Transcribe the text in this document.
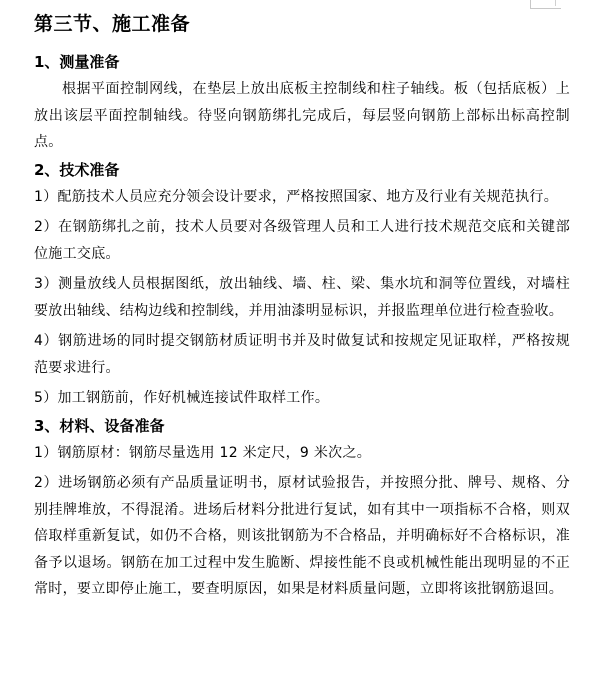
第三节、施工准备
1、测量准备

根据平面控制网线，在垫层上放出底板主控制线和柱子轴线。板（包括底板）上放出该层平面控制轴线。待竖向钢筋绑扎完成后，每层竖向钢筋上部标出标高控制点。

2、技术准备

1）配筋技术人员应充分领会设计要求，严格按照国家、地方及行业有关规范执行。

2）在钢筋绑扎之前，技术人员要对各级管理人员和工人进行技术规范交底和关键部位施工交底。

3）测量放线人员根据图纸，放出轴线、墙、柱、梁、集水坑和洞等位置线，对墙柱要放出轴线、结构边线和控制线，并用油漆明显标识，并报监理单位进行检查验收。

4）钢筋进场的同时提交钢筋材质证明书并及时做复试和按规定见证取样，严格按规范要求进行。

5）加工钢筋前，作好机械连接试件取样工作。

3、材料、设备准备

1）钢筋原材：钢筋尽量选用 12 米定尺，9 米次之。

2）进场钢筋必须有产品质量证明书，原材试验报告，并按照分批、牌号、规格、分别挂牌堆放，不得混淆。进场后材料分批进行复试，如有其中一项指标不合格，则双倍取样重新复试，如仍不合格，则该批钢筋为不合格品，并明确标好不合格标识，准备予以退场。钢筋在加工过程中发生脆断、焊接性能不良或机械性能出现明显的不正常时，要立即停止施工，要查明原因，如果是材料质量问题，立即将该批钢筋退回。
